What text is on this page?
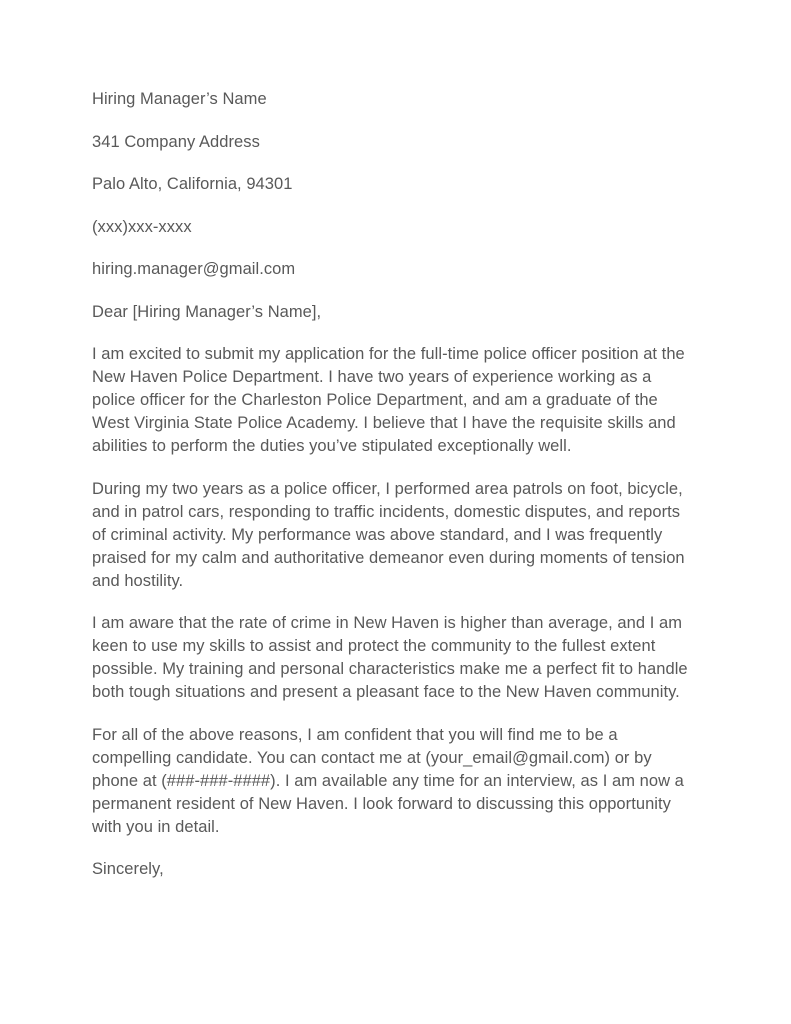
Hiring Manager’s Name

341 Company Address

Palo Alto, California, 94301

(xxx)xxx-xxxx

hiring.manager@gmail.com

Dear [Hiring Manager’s Name],

I am excited to submit my application for the full-time police officer position at the New Haven Police Department. I have two years of experience working as a police officer for the Charleston Police Department, and am a graduate of the West Virginia State Police Academy. I believe that I have the requisite skills and abilities to perform the duties you’ve stipulated exceptionally well.

During my two years as a police officer, I performed area patrols on foot, bicycle, and in patrol cars, responding to traffic incidents, domestic disputes, and reports of criminal activity. My performance was above standard, and I was frequently praised for my calm and authoritative demeanor even during moments of tension and hostility.

I am aware that the rate of crime in New Haven is higher than average, and I am keen to use my skills to assist and protect the community to the fullest extent possible. My training and personal characteristics make me a perfect fit to handle both tough situations and present a pleasant face to the New Haven community.

For all of the above reasons, I am confident that you will find me to be a compelling candidate. You can contact me at (your_email@gmail.com) or by phone at (###-###-####). I am available any time for an interview, as I am now a permanent resident of New Haven. I look forward to discussing this opportunity with you in detail.

Sincerely,
